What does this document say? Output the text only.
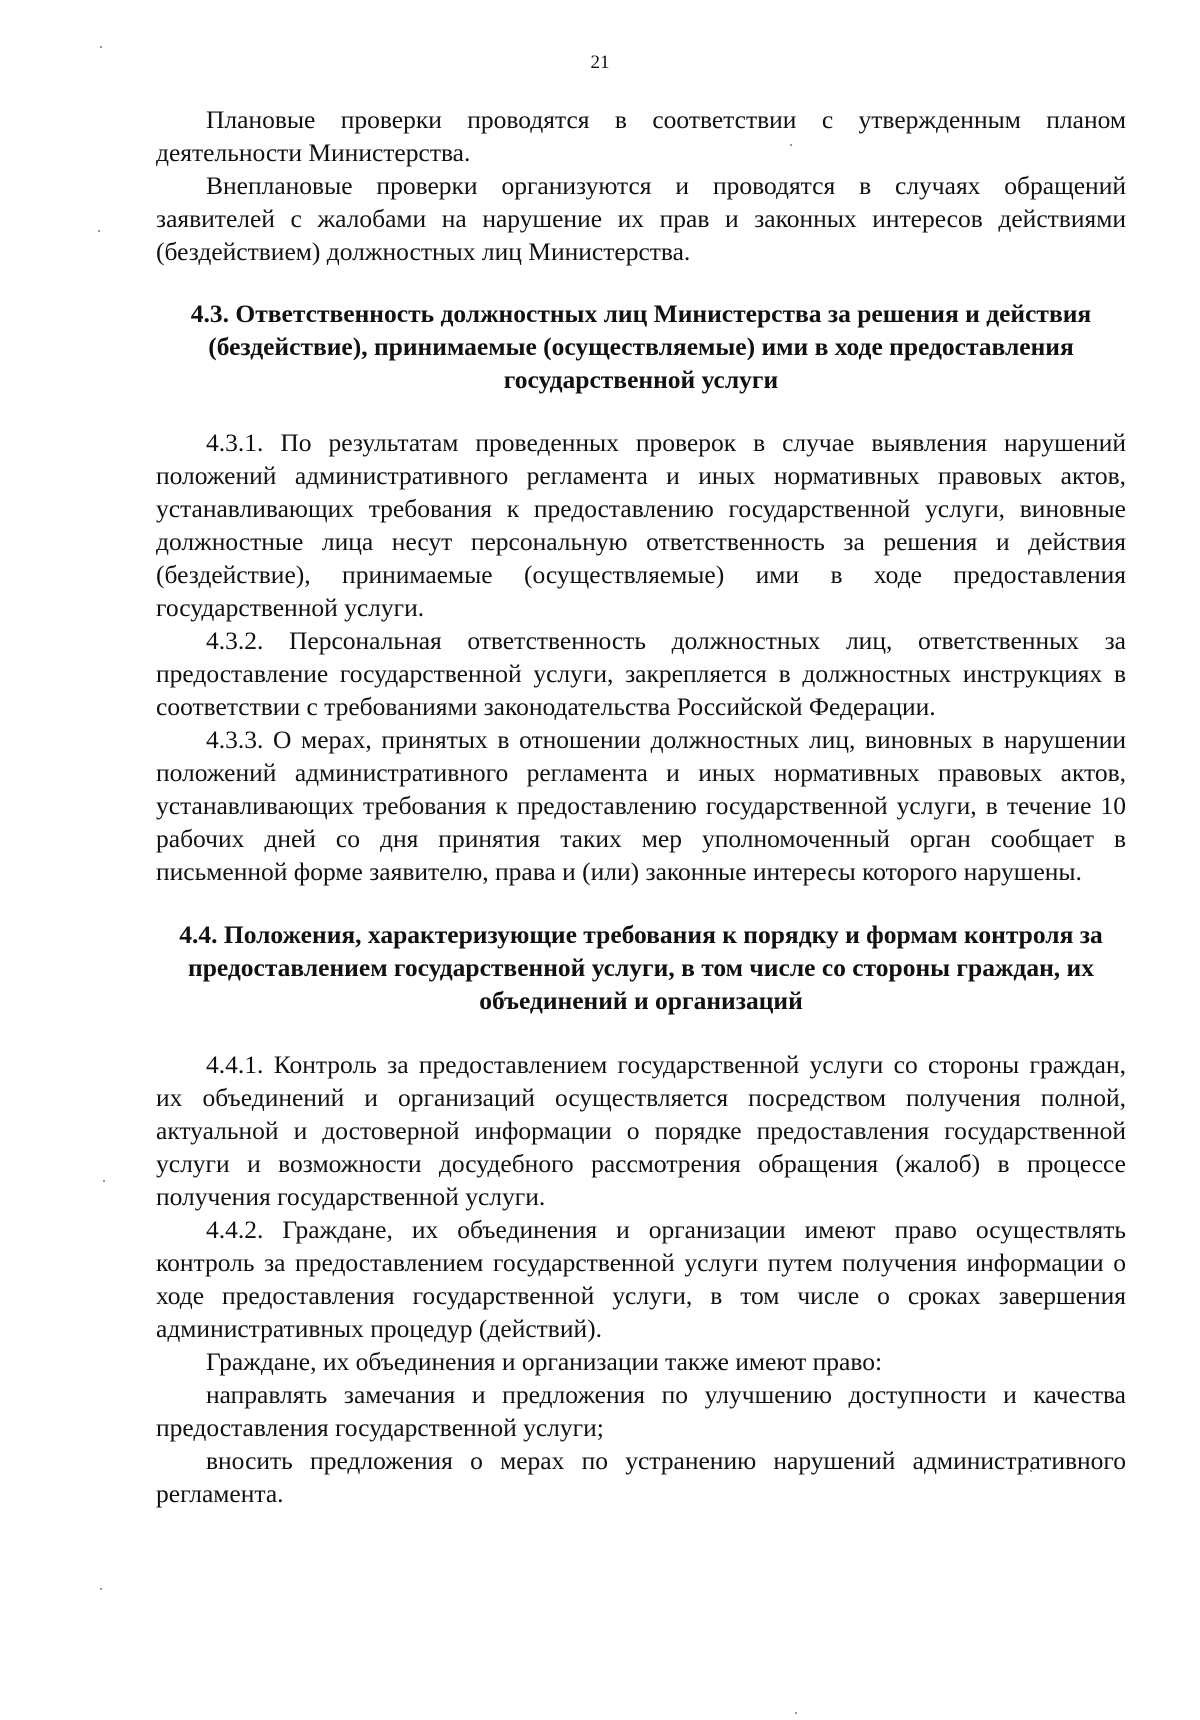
21

Плановые проверки проводятся в соответствии с утвержденным планом деятельности Министерства.

Внеплановые проверки организуются и проводятся в случаях обращений заявителей с жалобами на нарушение их прав и законных интересов действиями (бездействием) должностных лиц Министерства.

4.3. Ответственность должностных лиц Министерства за решения и действия (бездействие), принимаемые (осуществляемые) ими в ходе предоставления государственной услуги

4.3.1. По результатам проведенных проверок в случае выявления нарушений положений административного регламента и иных нормативных правовых актов, устанавливающих требования к предоставлению государственной услуги, виновные должностные лица несут персональную ответственность за решения и действия (бездействие), принимаемые (осуществляемые) ими в ходе предоставления государственной услуги.

4.3.2. Персональная ответственность должностных лиц, ответственных за предоставление государственной услуги, закрепляется в должностных инструкциях в соответствии с требованиями законодательства Российской Федерации.

4.3.3. О мерах, принятых в отношении должностных лиц, виновных в нарушении положений административного регламента и иных нормативных правовых актов, устанавливающих требования к предоставлению государственной услуги, в течение 10 рабочих дней со дня принятия таких мер уполномоченный орган сообщает в письменной форме заявителю, права и (или) законные интересы которого нарушены.

4.4. Положения, характеризующие требования к порядку и формам контроля за предоставлением государственной услуги, в том числе со стороны граждан, их объединений и организаций

4.4.1. Контроль за предоставлением государственной услуги со стороны граждан, их объединений и организаций осуществляется посредством получения полной, актуальной и достоверной информации о порядке предоставления государственной услуги и возможности досудебного рассмотрения обращения (жалоб) в процессе получения государственной услуги.

4.4.2. Граждане, их объединения и организации имеют право осуществлять контроль за предоставлением государственной услуги путем получения информации о ходе предоставления государственной услуги, в том числе о сроках завершения административных процедур (действий).

Граждане, их объединения и организации также имеют право:

направлять замечания и предложения по улучшению доступности и качества предоставления государственной услуги;

вносить предложения о мерах по устранению нарушений административного регламента.
